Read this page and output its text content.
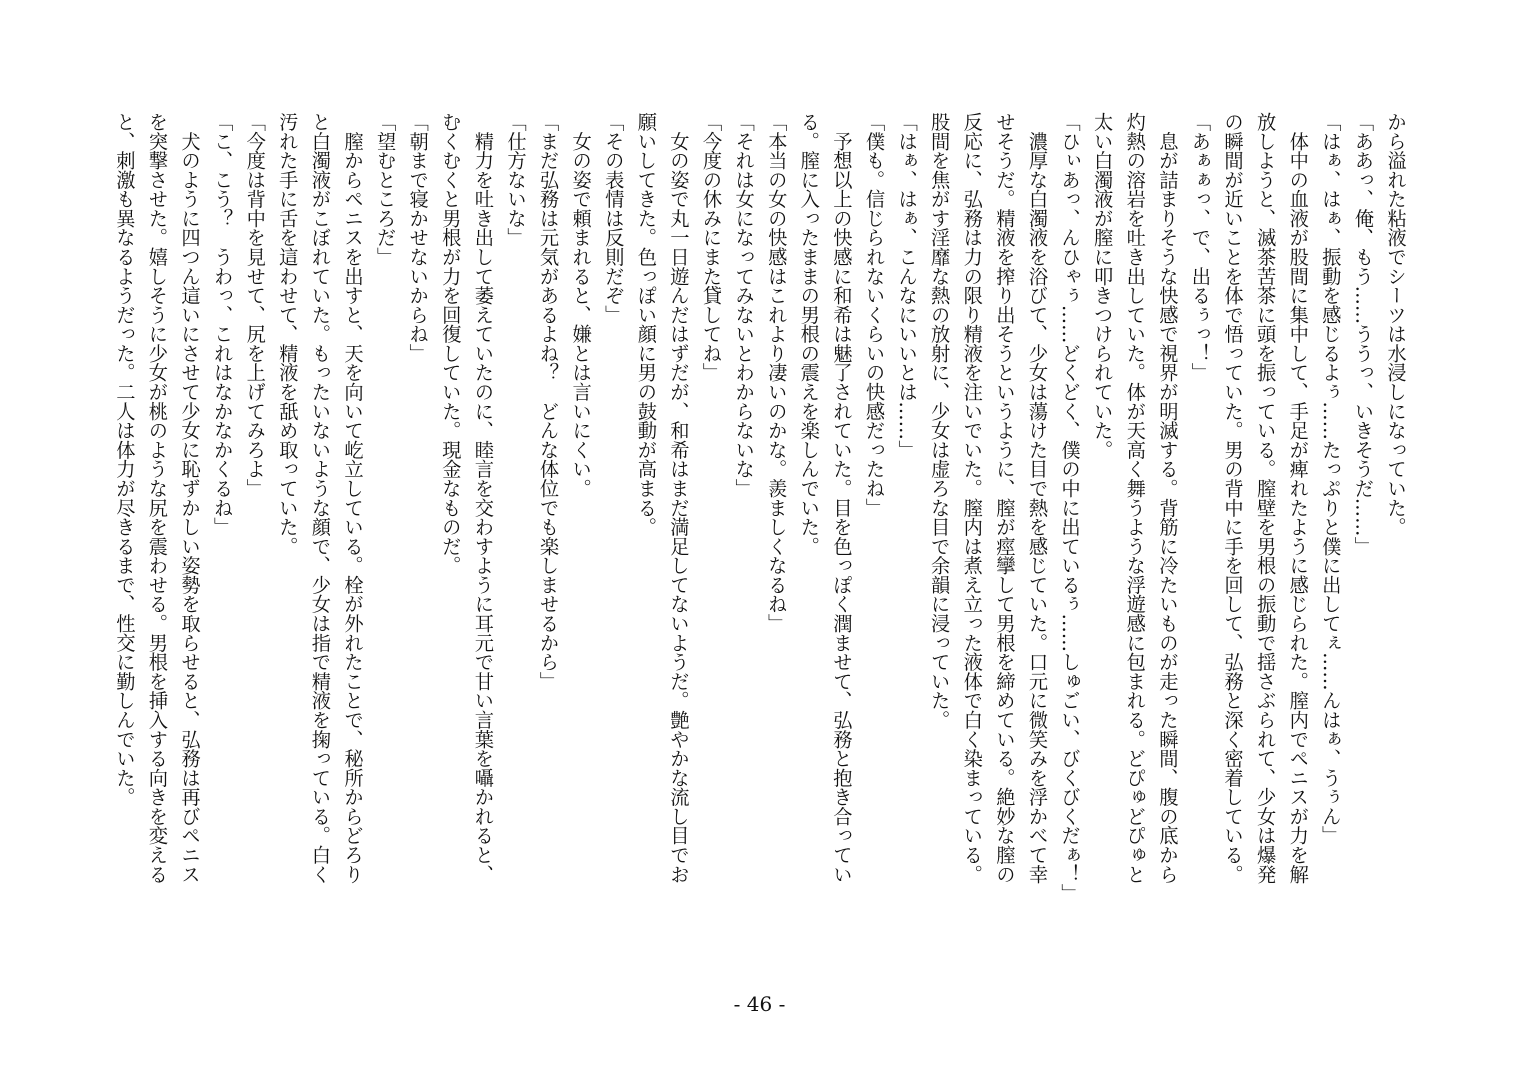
から溢れた粘液でシーツは水浸しになっていた。

「ああっ、俺、もう……ううっ、いきそうだ……」

「はぁ、はぁ、振動を感じるよぅ……たっぷりと僕に出してぇ……んはぁ、うぅん」

　体中の血液が股間に集中して、手足が痺れたように感じられた。膣内でペニスが力を解

放しようと、滅茶苦茶に頭を振っている。膣壁を男根の振動で揺さぶられて、少女は爆発

の瞬間が近いことを体で悟っていた。男の背中に手を回して、弘務と深く密着している。

「あぁぁっ、で、出るぅっ！」

　息が詰まりそうな快感で視界が明滅する。背筋に冷たいものが走った瞬間、腹の底から

灼熱の溶岩を吐き出していた。体が天高く舞うような浮遊感に包まれる。どぴゅどぴゅと

太い白濁液が膣に叩きつけられていた。

「ひぃあっ、んひゃぅ……どくどく、僕の中に出ているぅ……しゅごい、びくびくだぁ！」

　濃厚な白濁液を浴びて、少女は蕩けた目で熱を感じていた。口元に微笑みを浮かべて幸

せそうだ。精液を搾り出そうというように、膣が痙攣して男根を締めている。絶妙な膣の

反応に、弘務は力の限り精液を注いでいた。膣内は煮え立った液体で白く染まっている。

股間を焦がす淫靡な熱の放射に、少女は虚ろな目で余韻に浸っていた。

「はぁ、はぁ、こんなにいいとは……」

「僕も。信じられないくらいの快感だったね」

　予想以上の快感に和希は魅了されていた。目を色っぽく潤ませて、弘務と抱き合ってい

る。膣に入ったままの男根の震えを楽しんでいた。

「本当の女の快感はこれより凄いのかな。羨ましくなるね」

「それは女になってみないとわからないな」

「今度の休みにまた貸してね」

　女の姿で丸一日遊んだはずだが、和希はまだ満足してないようだ。艶やかな流し目でお

願いしてきた。色っぽい顔に男の鼓動が高まる。

「その表情は反則だぞ」

　女の姿で頼まれると、嫌とは言いにくい。

「まだ弘務は元気があるよね？　どんな体位でも楽しませるから」

「仕方ないな」

　精力を吐き出して萎えていたのに、睦言を交わすように耳元で甘い言葉を囁かれると、

むくむくと男根が力を回復していた。現金なものだ。

「朝まで寝かせないからね」

「望むところだ」

　膣からペニスを出すと、天を向いて屹立している。栓が外れたことで、秘所からどろり

と白濁液がこぼれていた。もったいないような顔で、少女は指で精液を掬っている。白く

汚れた手に舌を這わせて、精液を舐め取っていた。

「今度は背中を見せて、尻を上げてみろよ」

「こ、こう？　うわっ、これはなかなかくるね」

　犬のように四つん這いにさせて少女に恥ずかしい姿勢を取らせると、弘務は再びペニス

を突撃させた。嬉しそうに少女が桃のような尻を震わせる。男根を挿入する向きを変える

と、刺激も異なるようだった。二人は体力が尽きるまで、性交に勤しんでいた。

- 46 -
